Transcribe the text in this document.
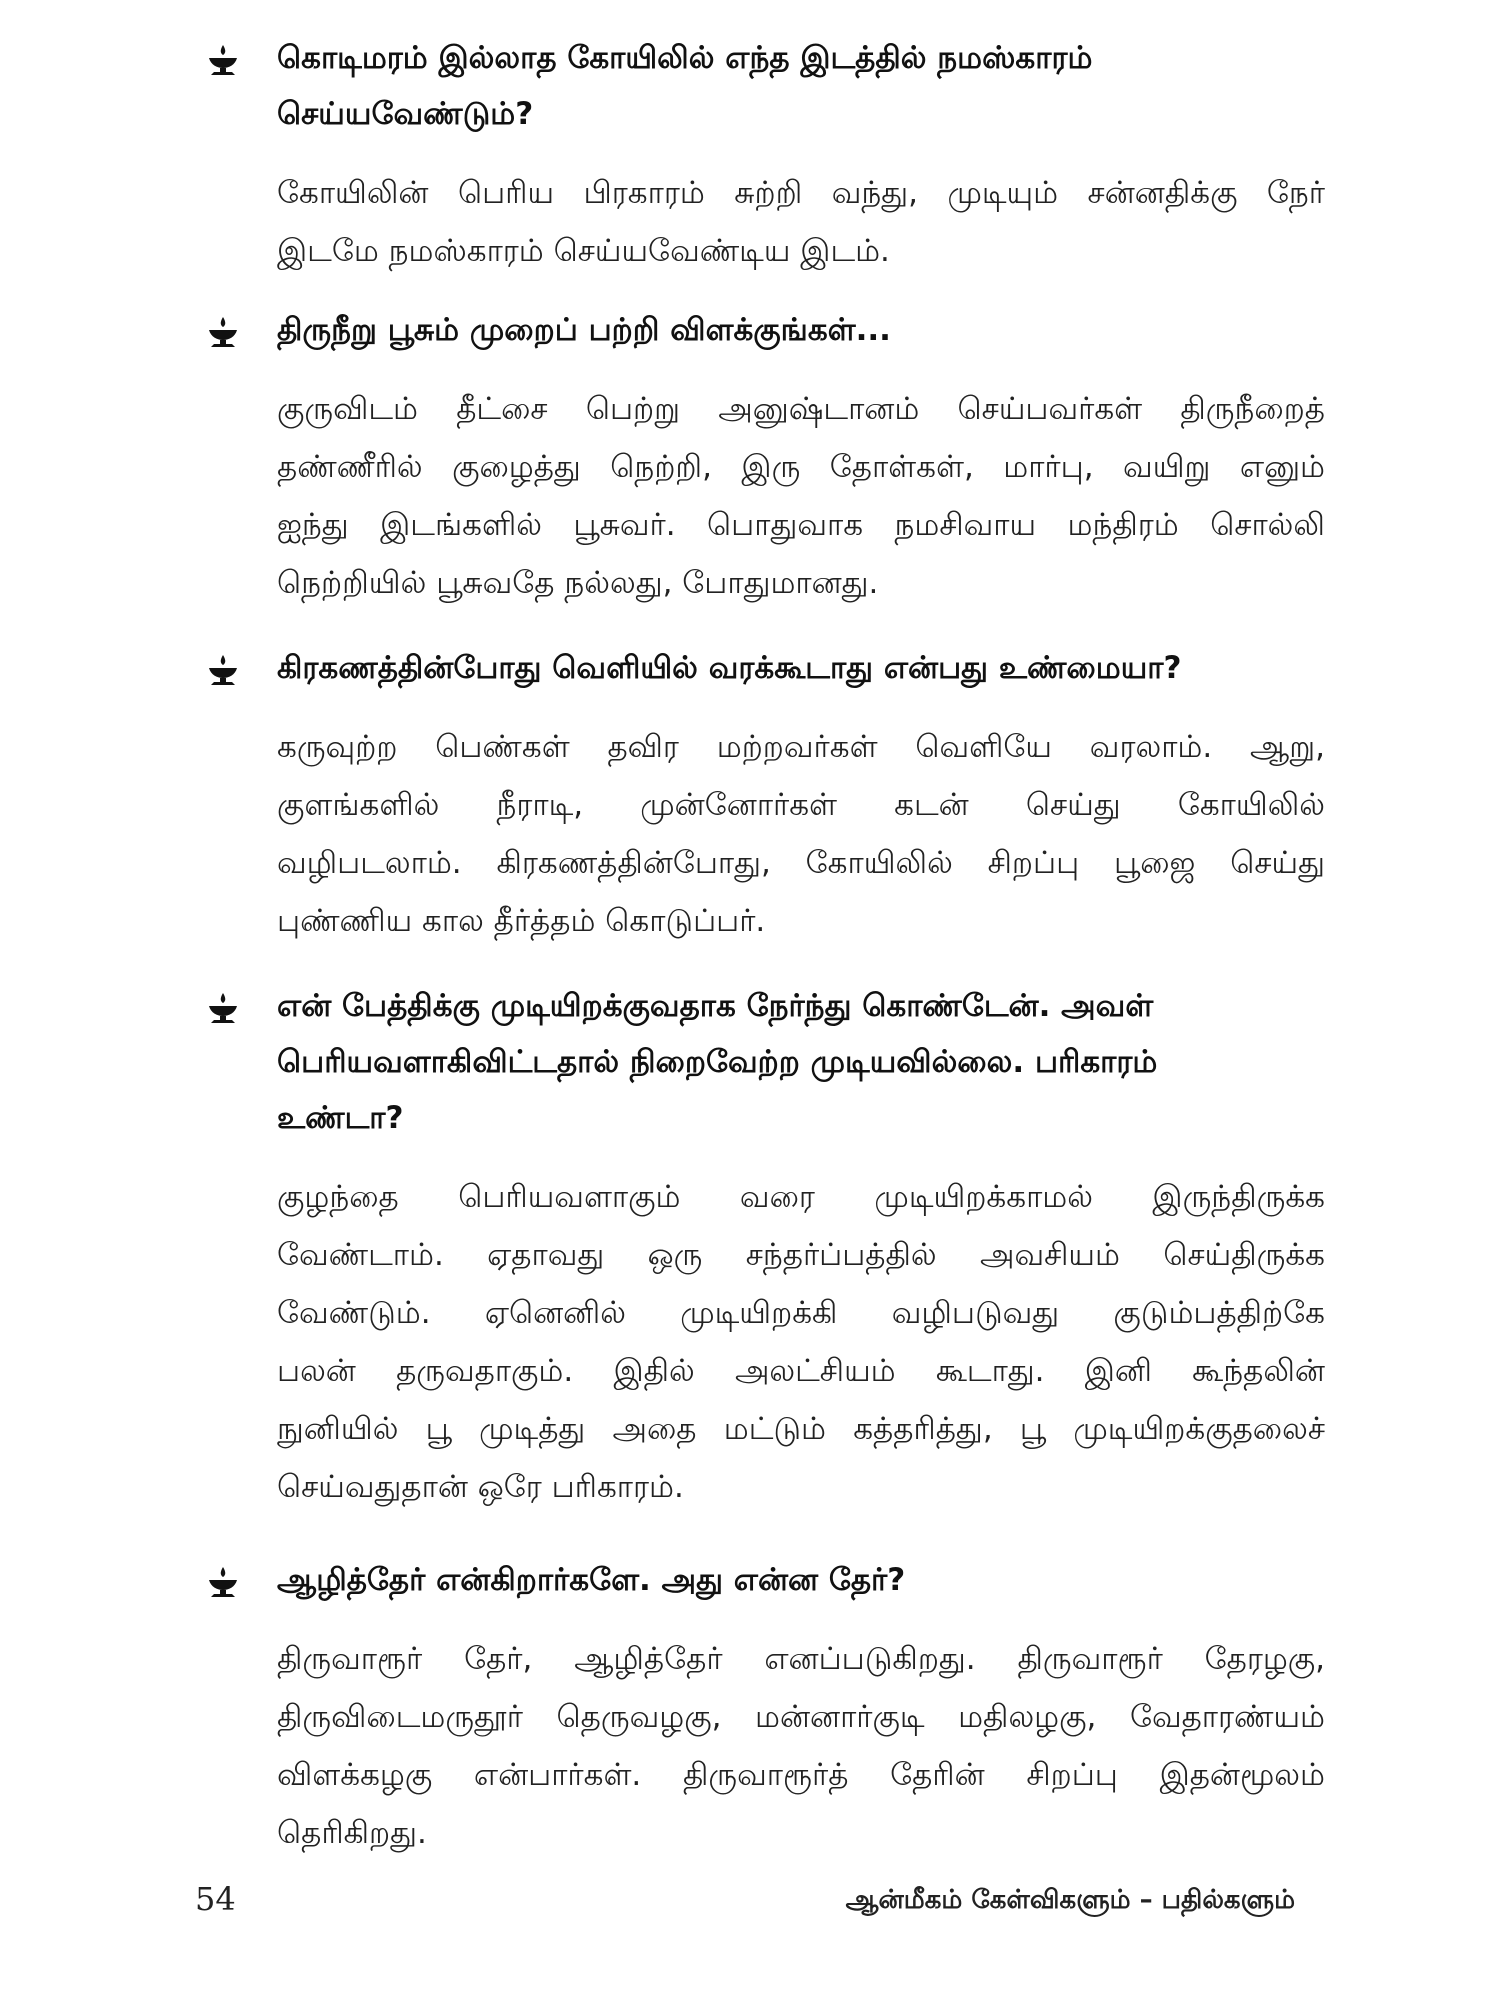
கொடிமரம் இல்லாத கோயிலில் எந்த இடத்தில் நமஸ்காரம்
செய்யவேண்டும்?
கோயிலின் பெரிய பிரகாரம் சுற்றி வந்து, முடியும் சன்னதிக்கு நேர்
இடமே நமஸ்காரம் செய்யவேண்டிய இடம்.
திருநீறு பூசும் முறைப் பற்றி விளக்குங்கள்...
குருவிடம் தீட்சை பெற்று அனுஷ்டானம் செய்பவர்கள் திருநீறைத்
தண்ணீரில் குழைத்து நெற்றி, இரு தோள்கள், மார்பு, வயிறு எனும்
ஐந்து இடங்களில் பூசுவர். பொதுவாக நமசிவாய மந்திரம் சொல்லி
நெற்றியில் பூசுவதே நல்லது, போதுமானது.
கிரகணத்தின்போது வெளியில் வரக்கூடாது என்பது உண்மையா?
கருவுற்ற பெண்கள் தவிர மற்றவர்கள் வெளியே வரலாம். ஆறு,
குளங்களில் நீராடி, முன்னோர்கள் கடன் செய்து கோயிலில்
வழிபடலாம். கிரகணத்தின்போது, கோயிலில் சிறப்பு பூஜை செய்து
புண்ணிய கால தீர்த்தம் கொடுப்பர்.
என் பேத்திக்கு முடியிறக்குவதாக நேர்ந்து கொண்டேன். அவள்
பெரியவளாகிவிட்டதால் நிறைவேற்ற முடியவில்லை. பரிகாரம்
உண்டா?
குழந்தை பெரியவளாகும் வரை முடியிறக்காமல் இருந்திருக்க
வேண்டாம். ஏதாவது ஒரு சந்தர்ப்பத்தில் அவசியம் செய்திருக்க
வேண்டும். ஏனெனில் முடியிறக்கி வழிபடுவது குடும்பத்திற்கே
பலன் தருவதாகும். இதில் அலட்சியம் கூடாது. இனி கூந்தலின்
நுனியில் பூ முடித்து அதை மட்டும் கத்தரித்து, பூ முடியிறக்குதலைச்
செய்வதுதான் ஒரே பரிகாரம்.
ஆழித்தேர் என்கிறார்களே. அது என்ன தேர்?
திருவாரூர் தேர், ஆழித்தேர் எனப்படுகிறது. திருவாரூர் தேரழகு,
திருவிடைமருதூர் தெருவழகு, மன்னார்குடி மதிலழகு, வேதாரண்யம்
விளக்கழகு என்பார்கள். திருவாரூர்த் தேரின் சிறப்பு இதன்மூலம்
தெரிகிறது.
54	ஆன்மீகம் கேள்விகளும் – பதில்களும்
